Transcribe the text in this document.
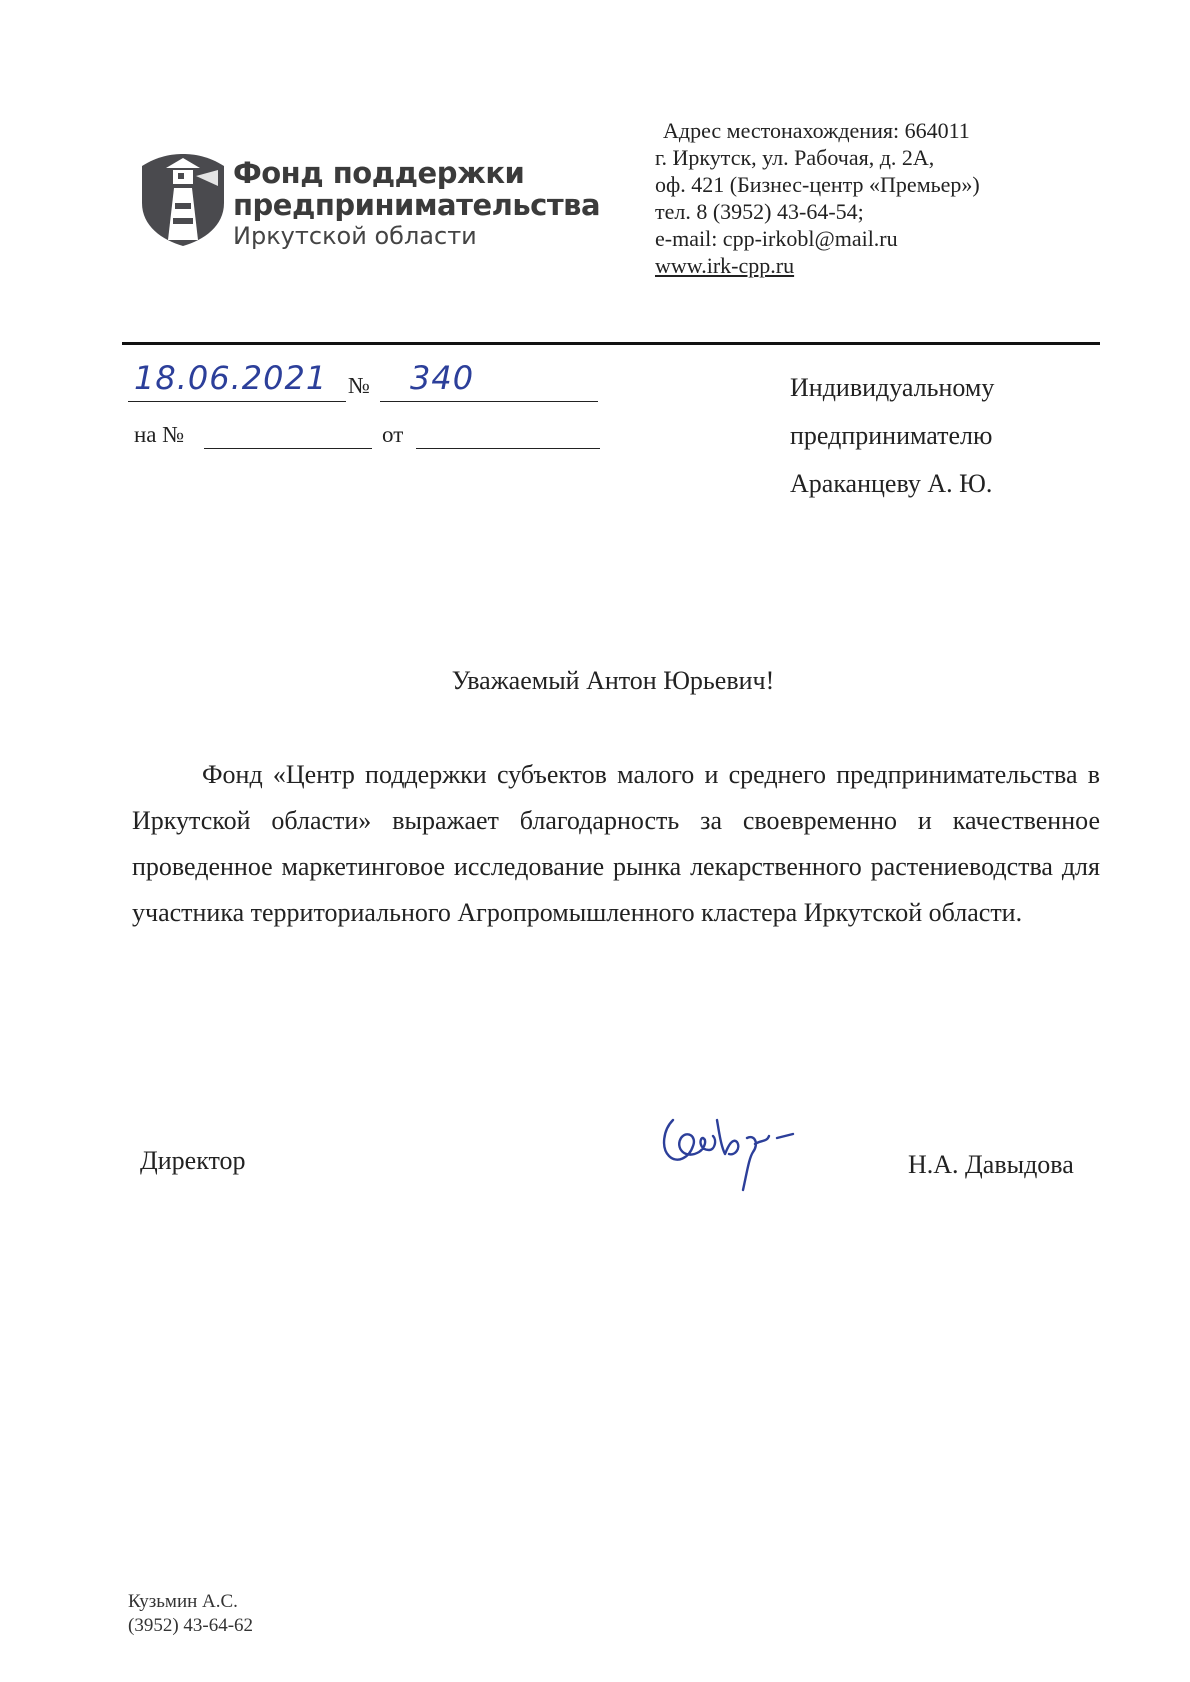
Фонд поддержки
предпринимательства
Иркутской области
Адрес местонахождения: 664011
г. Иркутск, ул. Рабочая, д. 2А,
оф. 421 (Бизнес-центр «Премьер»)
тел. 8 (3952) 43-64-54;
e-mail: cpp-irkobl@mail.ru
www.irk-cpp.ru
18.06.2021 № 340
на №	от
Индивидуальному
предпринимателю
Араканцеву А. Ю.
Уважаемый Антон Юрьевич!

Фонд «Центр поддержки субъектов малого и среднего предпринимательства в Иркутской области» выражает благодарность за своевременно и качественное проведенное маркетинговое исследование рынка лекарственного растениеводства для участника территориального Агропромышленного кластера Иркутской области.

Директор	Н.А. Давыдова
Кузьмин А.С.
(3952) 43-64-62
